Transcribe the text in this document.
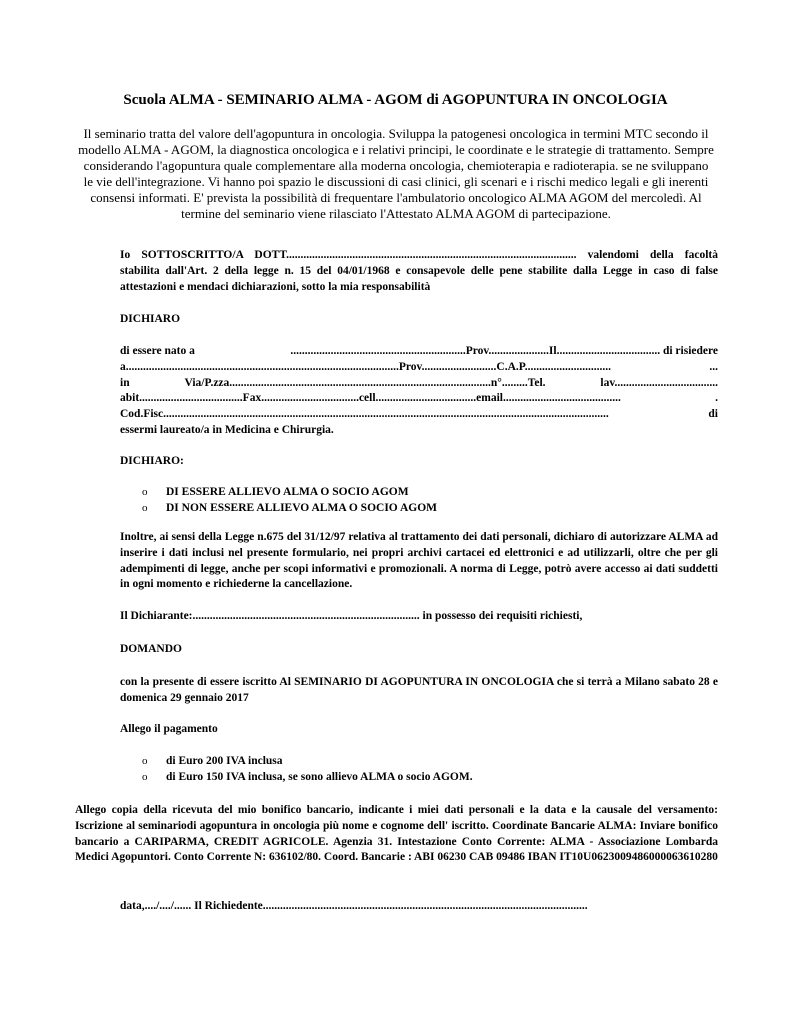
Scuola ALMA - SEMINARIO ALMA - AGOM di AGOPUNTURA IN ONCOLOGIA

Il seminario tratta del valore dell'agopuntura in oncologia. Sviluppa la patogenesi oncologica in termini MTC secondo il modello ALMA - AGOM, la diagnostica oncologica e i relativi principi, le coordinate e le strategie di trattamento. Sempre considerando l'agopuntura quale complementare alla moderna oncologia, chemioterapia e radioterapia. se ne sviluppano le vie dell'integrazione. Vi hanno poi spazio le discussioni di casi clinici, gli scenari e i rischi medico legali e gli inerenti consensi informati. E' prevista la possibilità di frequentare l'ambulatorio oncologico ALMA AGOM del mercoledì. Al termine del seminario viene rilasciato l'Attestato ALMA AGOM di partecipazione.

Io SOTTOSCRITTO/A DOTT..................................................................................................... valendomi della facoltà stabilita dall'Art. 2 della legge n. 15 del 04/01/1968 e consapevole delle pene stabilite dalla Legge in caso di false attestazioni e mendaci dichiarazioni, sotto la mia responsabilità

DICHIARO

di essere nato a	.............................................................Prov.....................Il.................................... di risiedere
a...............................................................................................Prov..........................C.A.P..............................	...
in	Via/P.zza...........................................................................................n°.........Tel.	lav....................................
abit....................................Fax..................................cell...................................email.........................................	.
Cod.Fisc...........................................................................................................................................................	di
essermi laureato/a in Medicina e Chirurgia.

DICHIARO:

o	DI ESSERE ALLIEVO ALMA O SOCIO AGOM
o	DI NON ESSERE ALLIEVO ALMA O SOCIO AGOM

Inoltre, ai sensi della Legge n.675 del 31/12/97 relativa al trattamento dei dati personali, dichiaro di autorizzare ALMA ad inserire i dati inclusi nel presente formulario, nei propri archivi cartacei ed elettronici e ad utilizzarli, oltre che per gli adempimenti di legge, anche per scopi informativi e promozionali. A norma di Legge, potrò avere accesso ai dati suddetti in ogni momento e richiederne la cancellazione.

Il Dichiarante:............................................................................... in possesso dei requisiti richiesti,

DOMANDO

con la presente di essere iscritto Al SEMINARIO DI AGOPUNTURA IN ONCOLOGIA che si terrà a Milano sabato 28 e domenica 29 gennaio 2017

Allego il pagamento

o	di Euro 200 IVA inclusa
o	di Euro 150 IVA inclusa, se sono allievo ALMA o socio AGOM.

Allego copia della ricevuta del mio bonifico bancario, indicante i miei dati personali e la data e la causale del versamento: Iscrizione al seminariodi agopuntura in oncologia più nome e cognome dell' iscritto. Coordinate Bancarie ALMA: Inviare bonifico bancario a CARIPARMA, CREDIT AGRICOLE. Agenzia 31. Intestazione Conto Corrente: ALMA - Associazione Lombarda Medici Agopuntori. Conto Corrente N: 636102/80. Coord. Bancarie : ABI 06230 CAB 09486 IBAN IT10U0623009486000063610280

data,..../..../...... Il Richiedente.................................................................................................................
